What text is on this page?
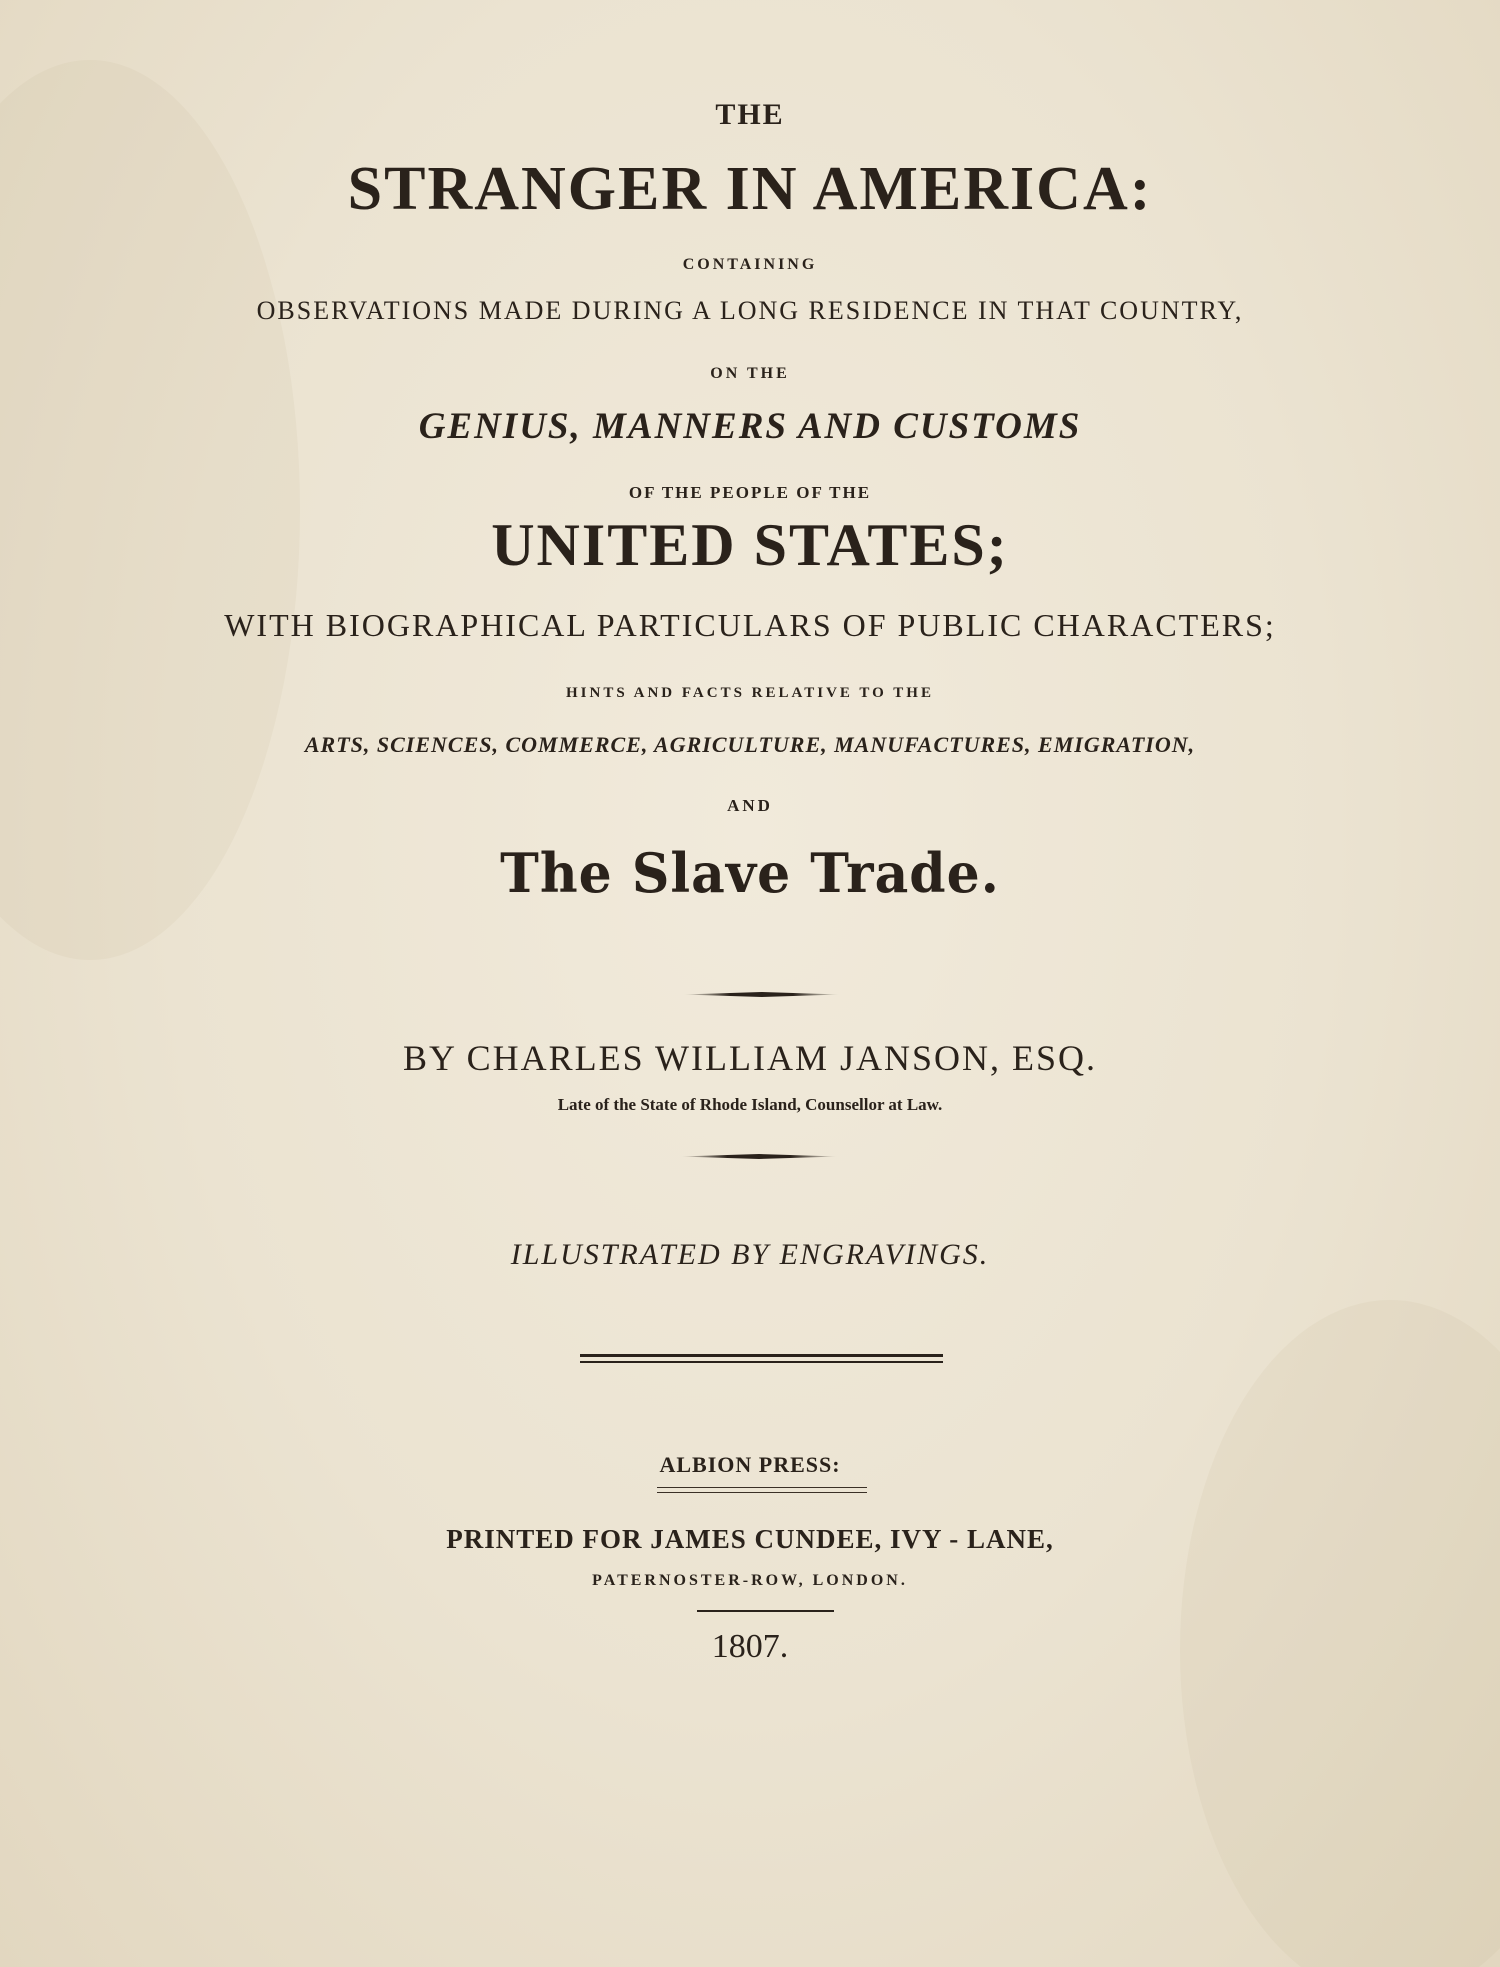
THE
STRANGER IN AMERICA:
CONTAINING
OBSERVATIONS MADE DURING A LONG RESIDENCE IN THAT COUNTRY,
ON THE
GENIUS, MANNERS AND CUSTOMS
OF THE PEOPLE OF THE
UNITED STATES;
WITH BIOGRAPHICAL PARTICULARS OF PUBLIC CHARACTERS;
HINTS AND FACTS RELATIVE TO THE
ARTS, SCIENCES, COMMERCE, AGRICULTURE, MANUFACTURES, EMIGRATION,
AND
The Slave Trade.
BY CHARLES WILLIAM JANSON, ESQ.
Late of the State of Rhode Island, Counsellor at Law.
ILLUSTRATED BY ENGRAVINGS.
ALBION PRESS:
PRINTED FOR JAMES CUNDEE, IVY - LANE,
PATERNOSTER-ROW, LONDON.
1807.
